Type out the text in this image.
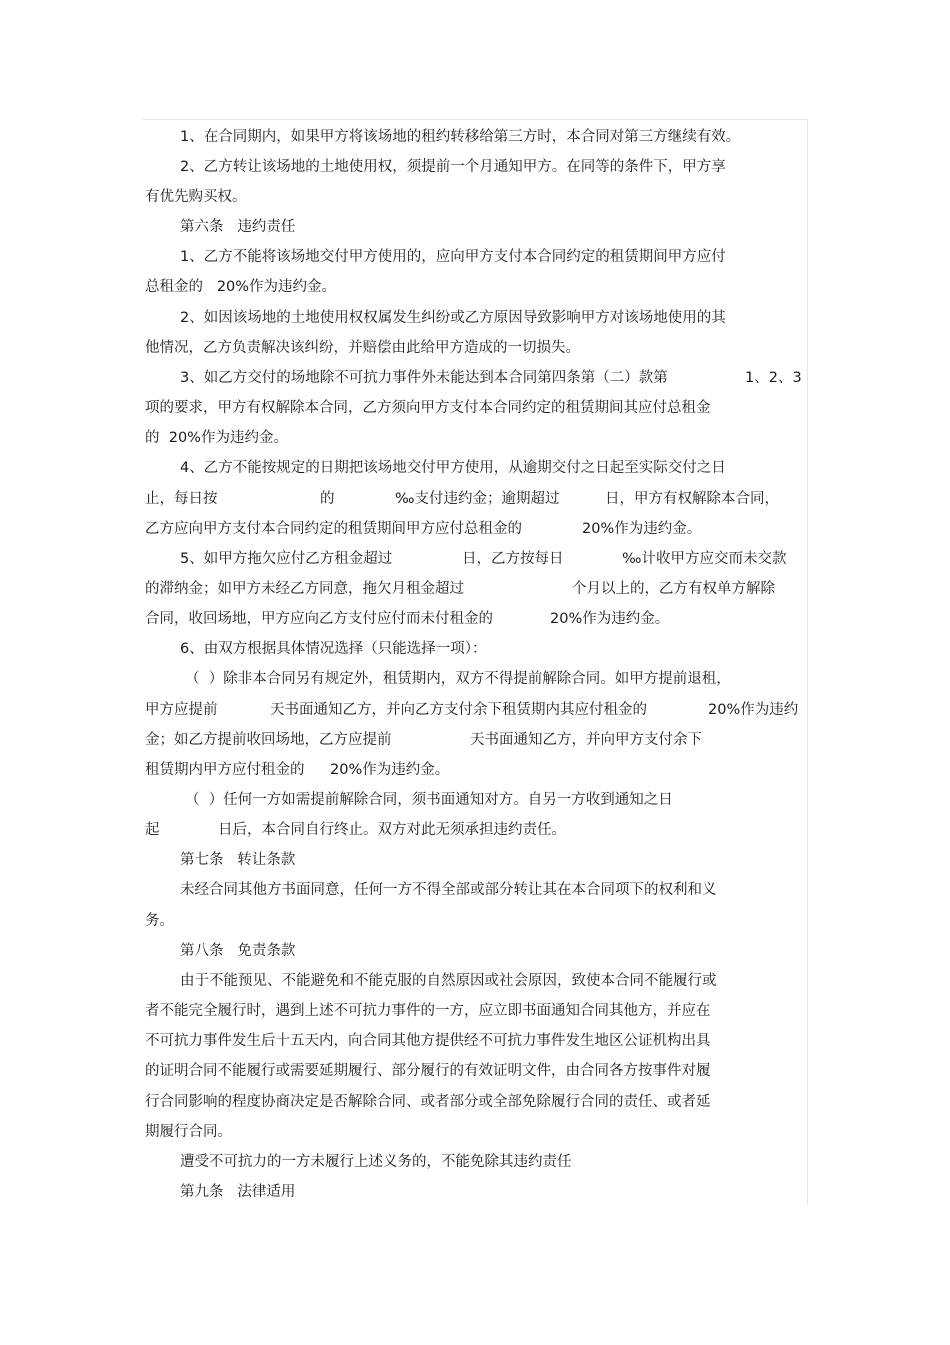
1、在合同期内，如果甲方将该场地的租约转移给第三方时，本合同对第三方继续有效。
2、乙方转让该场地的土地使用权，须提前一个月通知甲方。在同等的条件下，甲方享
有优先购买权。
第六条   违约责任
1、乙方不能将该场地交付甲方使用的，应向甲方支付本合同约定的租赁期间甲方应付
总租金的   20%作为违约金。
2、如因该场地的土地使用权权属发生纠纷或乙方原因导致影响甲方对该场地使用的其
他情况，乙方负责解决该纠纷，并赔偿由此给甲方造成的一切损失。
3、如乙方交付的场地除不可抗力事件外未能达到本合同第四条第（二）款第	1、2、3
项的要求，甲方有权解除本合同，乙方须向甲方支付本合同约定的租赁期间其应付总租金
的  20%作为违约金。
4、乙方不能按规定的日期把该场地交付甲方使用，从逾期交付之日起至实际交付之日
止，每日按	的	‰支付违约金；逾期超过	日，甲方有权解除本合同，
乙方应向甲方支付本合同约定的租赁期间甲方应付总租金的	20%作为违约金。
5、如甲方拖欠应付乙方租金超过	日，乙方按每日	‰计收甲方应交而未交款
的滞纳金；如甲方未经乙方同意，拖欠月租金超过	个月以上的，乙方有权单方解除
合同，收回场地，甲方应向乙方支付应付而未付租金的	20%作为违约金。
6、由双方根据具体情况选择（只能选择一项）：
（  ）除非本合同另有规定外，租赁期内，双方不得提前解除合同。如甲方提前退租，
甲方应提前	天书面通知乙方，并向乙方支付余下租赁期内其应付租金的	20%作为违约
金；如乙方提前收回场地，乙方应提前	天书面通知乙方，并向甲方支付余下
租赁期内甲方应付租金的 20%作为违约金。
（  ）任何一方如需提前解除合同，须书面通知对方。自另一方收到通知之日
起	日后，本合同自行终止。双方对此无须承担违约责任。
第七条   转让条款
未经合同其他方书面同意，任何一方不得全部或部分转让其在本合同项下的权利和义
务。
第八条   免责条款
由于不能预见、不能避免和不能克服的自然原因或社会原因，致使本合同不能履行或
者不能完全履行时，遇到上述不可抗力事件的一方，应立即书面通知合同其他方，并应在
不可抗力事件发生后十五天内，向合同其他方提供经不可抗力事件发生地区公证机构出具
的证明合同不能履行或需要延期履行、部分履行的有效证明文件，由合同各方按事件对履
行合同影响的程度协商决定是否解除合同、或者部分或全部免除履行合同的责任、或者延
期履行合同。
遭受不可抗力的一方未履行上述义务的，不能免除其违约责任
第九条   法律适用
